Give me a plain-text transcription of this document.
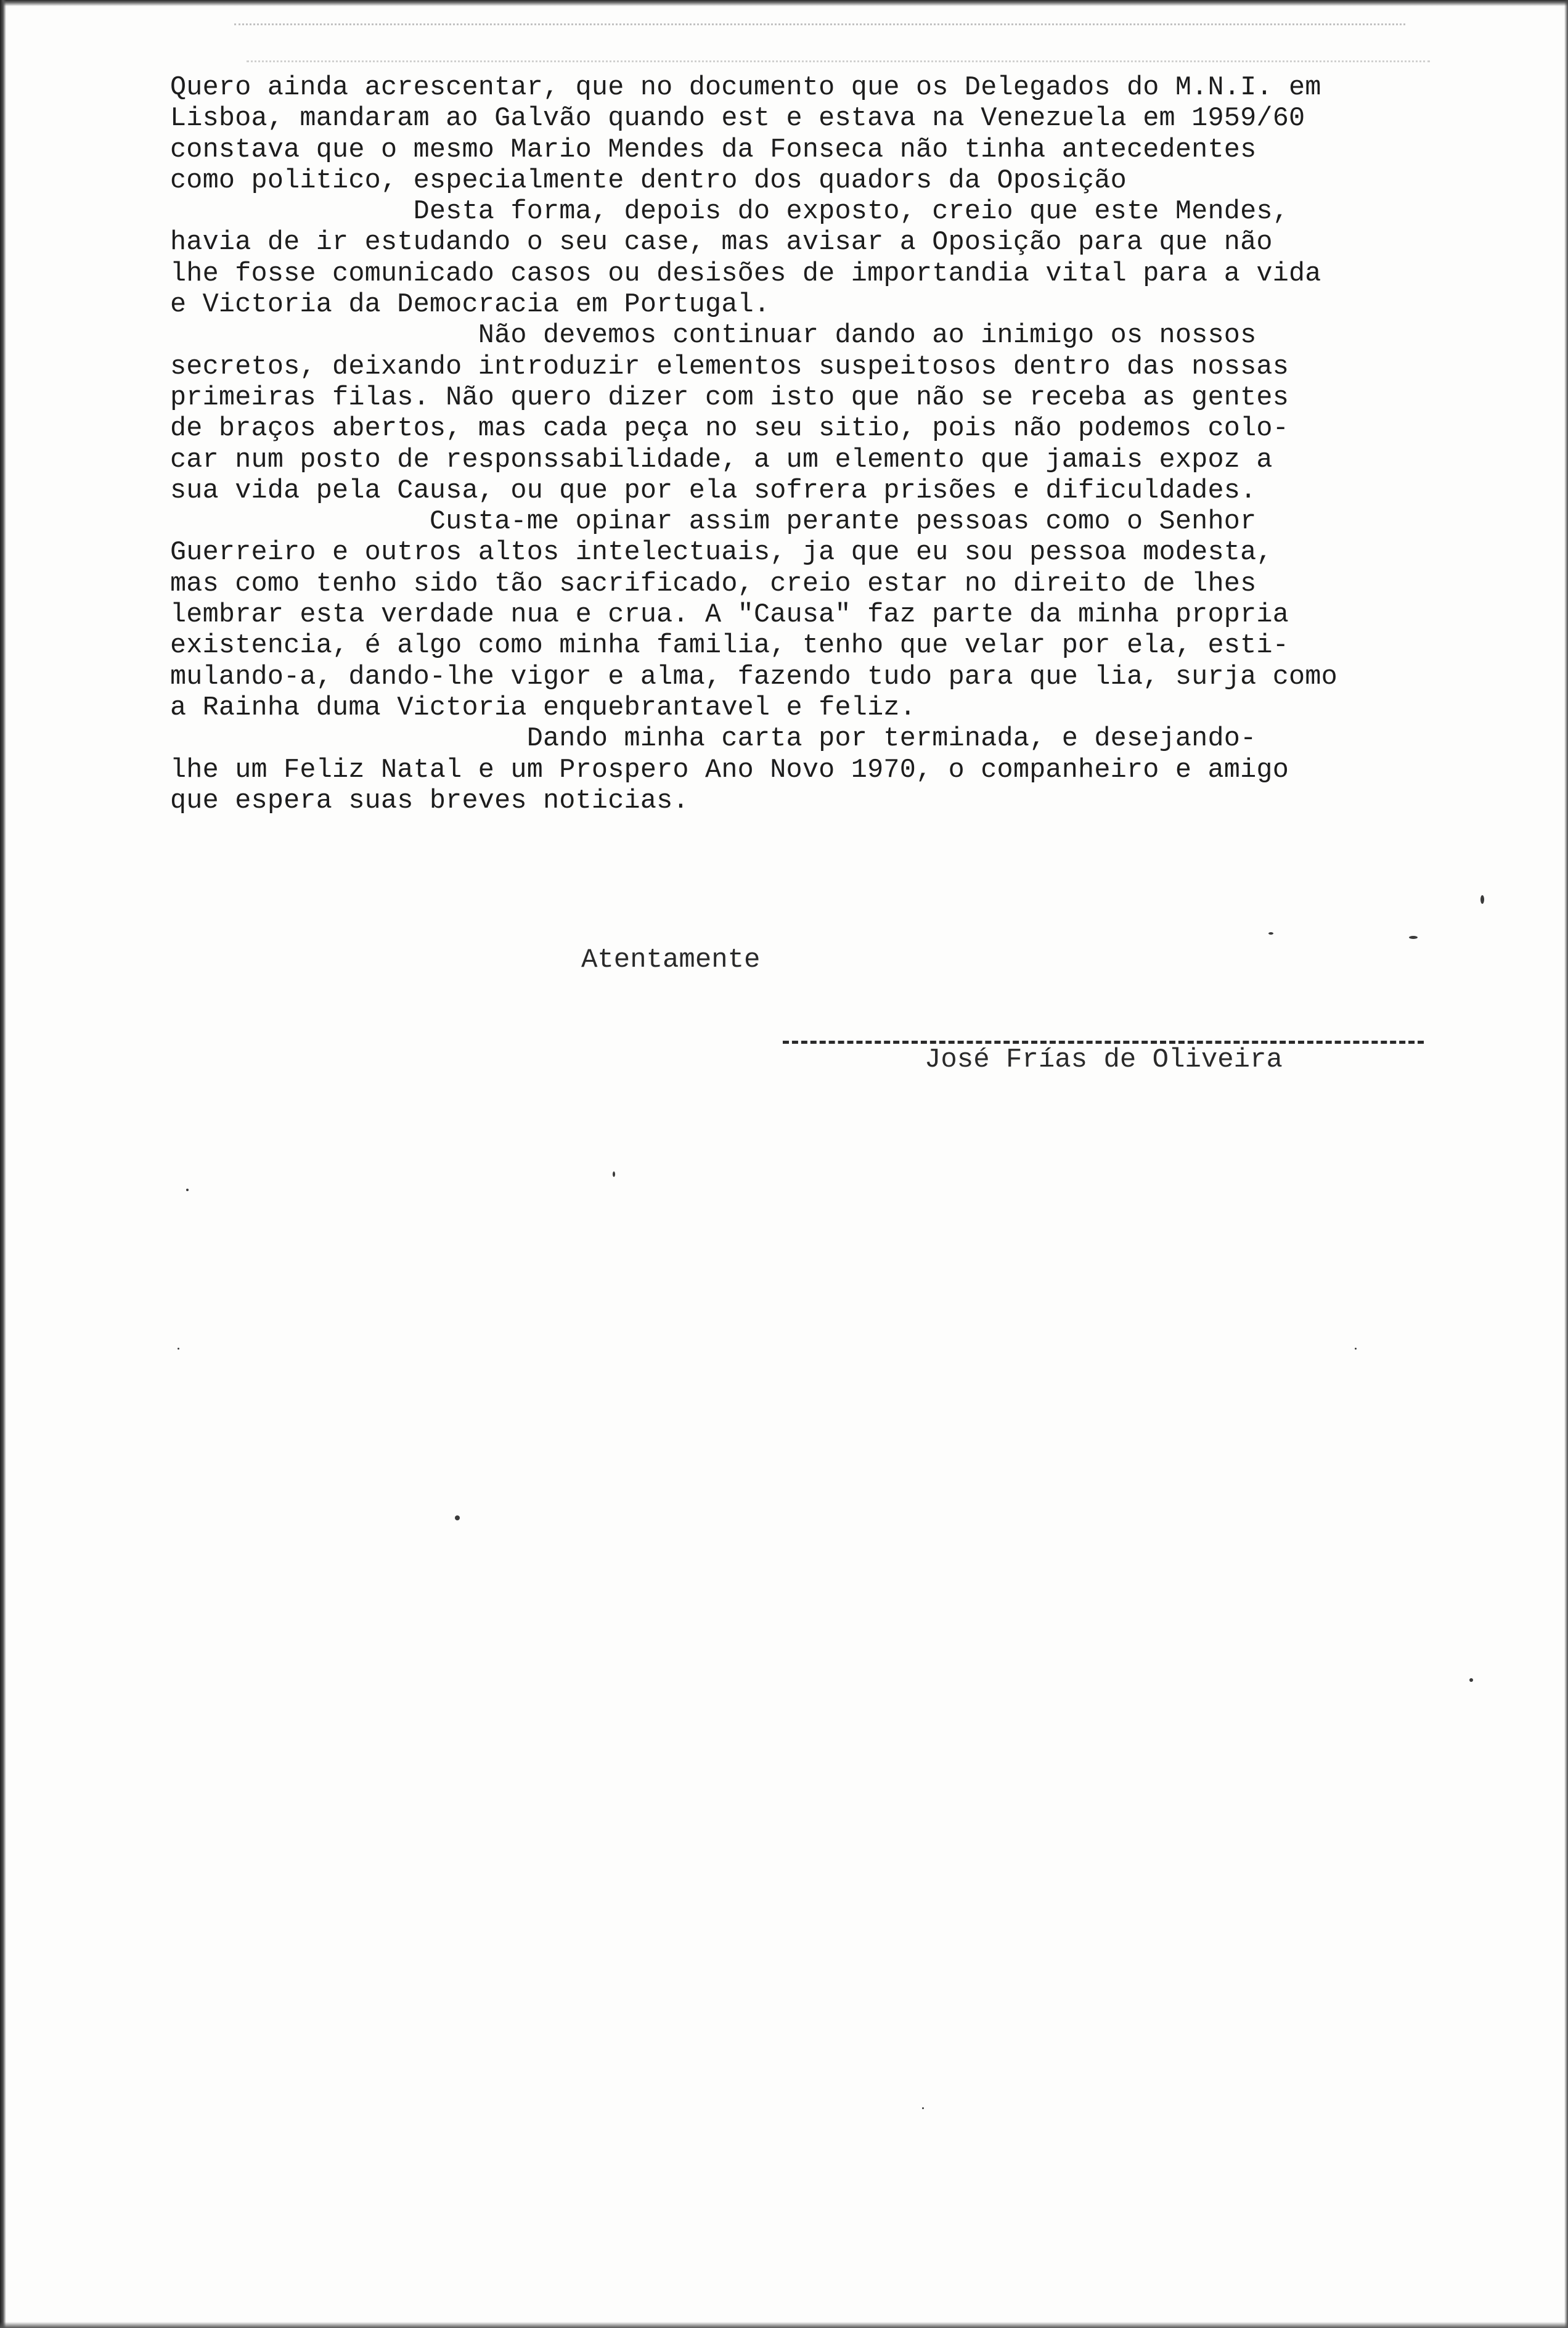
Quero ainda acrescentar, que no documento que os Delegados do M.N.I. em
Lisboa, mandaram ao Galvão quando est e estava na Venezuela em 1959/60
constava que o mesmo Mario Mendes da Fonseca não tinha antecedentes
como politico, especialmente dentro dos quadors da Oposição
Desta forma, depois do exposto, creio que este Mendes,
havia de ir estudando o seu case, mas avisar a Oposição para que não
lhe fosse comunicado casos ou desisões de importandia vital para a vida
e Victoria da Democracia em Portugal.
Não devemos continuar dando ao inimigo os nossos
secretos, deixando introduzir elementos suspeitosos dentro das nossas
primeiras filas. Não quero dizer com isto que não se receba as gentes
de braços abertos, mas cada peça no seu sitio, pois não podemos colo-
car num posto de responssabilidade, a um elemento que jamais expoz a
sua vida pela Causa, ou que por ela sofrera prisões e dificuldades.
Custa-me opinar assim perante pessoas como o Senhor
Guerreiro e outros altos intelectuais, ja que eu sou pessoa modesta,
mas como tenho sido tão sacrificado, creio estar no direito de lhes
lembrar esta verdade nua e crua. A "Causa" faz parte da minha propria
existencia, é algo como minha familia, tenho que velar por ela, esti-
mulando-a, dando-lhe vigor e alma, fazendo tudo para que lia, surja como
a Rainha duma Victoria enquebrantavel e feliz.
Dando minha carta por terminada, e desejando-
lhe um Feliz Natal e um Prospero Ano Novo 1970, o companheiro e amigo
que espera suas breves noticias.

Atentamente

José Frías de Oliveira
